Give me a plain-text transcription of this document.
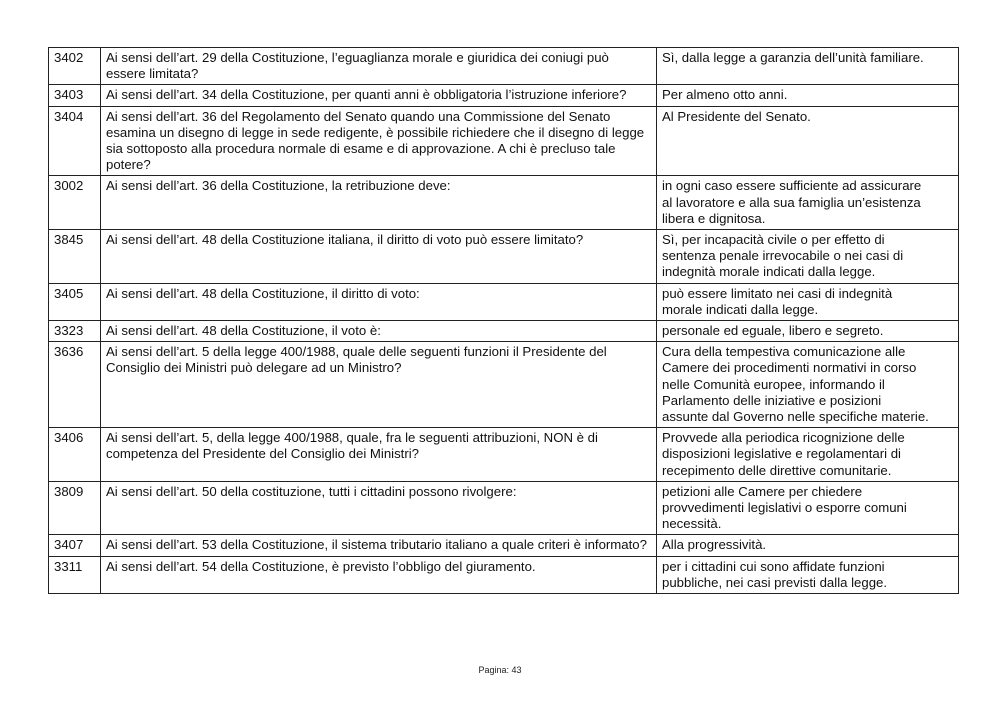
3402	Ai sensi dell’art. 29 della Costituzione, l’eguaglianza morale e giuridica dei coniugi può essere limitata?	Sì, dalla legge a garanzia dell’unità familiare.
3403	Ai sensi dell’art. 34 della Costituzione, per quanti anni è obbligatoria l’istruzione inferiore?	Per almeno otto anni.
3404	Ai sensi dell’art. 36 del Regolamento del Senato quando una Commissione del Senato esamina un disegno di legge in sede redigente, è possibile richiedere che il disegno di legge sia sottoposto alla procedura normale di esame e di approvazione. A chi è precluso tale potere?	Al Presidente del Senato.
3002	Ai sensi dell’art. 36 della Costituzione, la retribuzione deve:	in ogni caso essere sufficiente ad assicurare
al lavoratore e alla sua famiglia un’esistenza
libera e dignitosa.
3845	Ai sensi dell’art. 48 della Costituzione italiana, il diritto di voto può essere limitato?	Sì, per incapacità civile o per effetto di
sentenza penale irrevocabile o nei casi di
indegnità morale indicati dalla legge.
3405	Ai sensi dell’art. 48 della Costituzione, il diritto di voto:	può essere limitato nei casi di indegnità
morale indicati dalla legge.
3323	Ai sensi dell’art. 48 della Costituzione, il voto è:	personale ed eguale, libero e segreto.
3636	Ai sensi dell’art. 5 della legge 400/1988, quale delle seguenti funzioni il Presidente del Consiglio dei Ministri può delegare ad un Ministro?	Cura della tempestiva comunicazione alle
Camere dei procedimenti normativi in corso
nelle Comunità europee, informando il
Parlamento delle iniziative e posizioni
assunte dal Governo nelle specifiche materie.
3406	Ai sensi dell’art. 5, della legge 400/1988, quale, fra le seguenti attribuzioni, NON è di competenza del Presidente del Consiglio dei Ministri?	Provvede alla periodica ricognizione delle
disposizioni legislative e regolamentari di
recepimento delle direttive comunitarie.
3809	Ai sensi dell’art. 50 della costituzione, tutti i cittadini possono rivolgere:	petizioni alle Camere per chiedere
provvedimenti legislativi o esporre comuni
necessità.
3407	Ai sensi dell’art. 53 della Costituzione, il sistema tributario italiano a quale criteri è informato?	Alla progressività.
3311	Ai sensi dell’art. 54 della Costituzione, è previsto l’obbligo del giuramento.	per i cittadini cui sono affidate funzioni
pubbliche, nei casi previsti dalla legge.
Pagina: 43
